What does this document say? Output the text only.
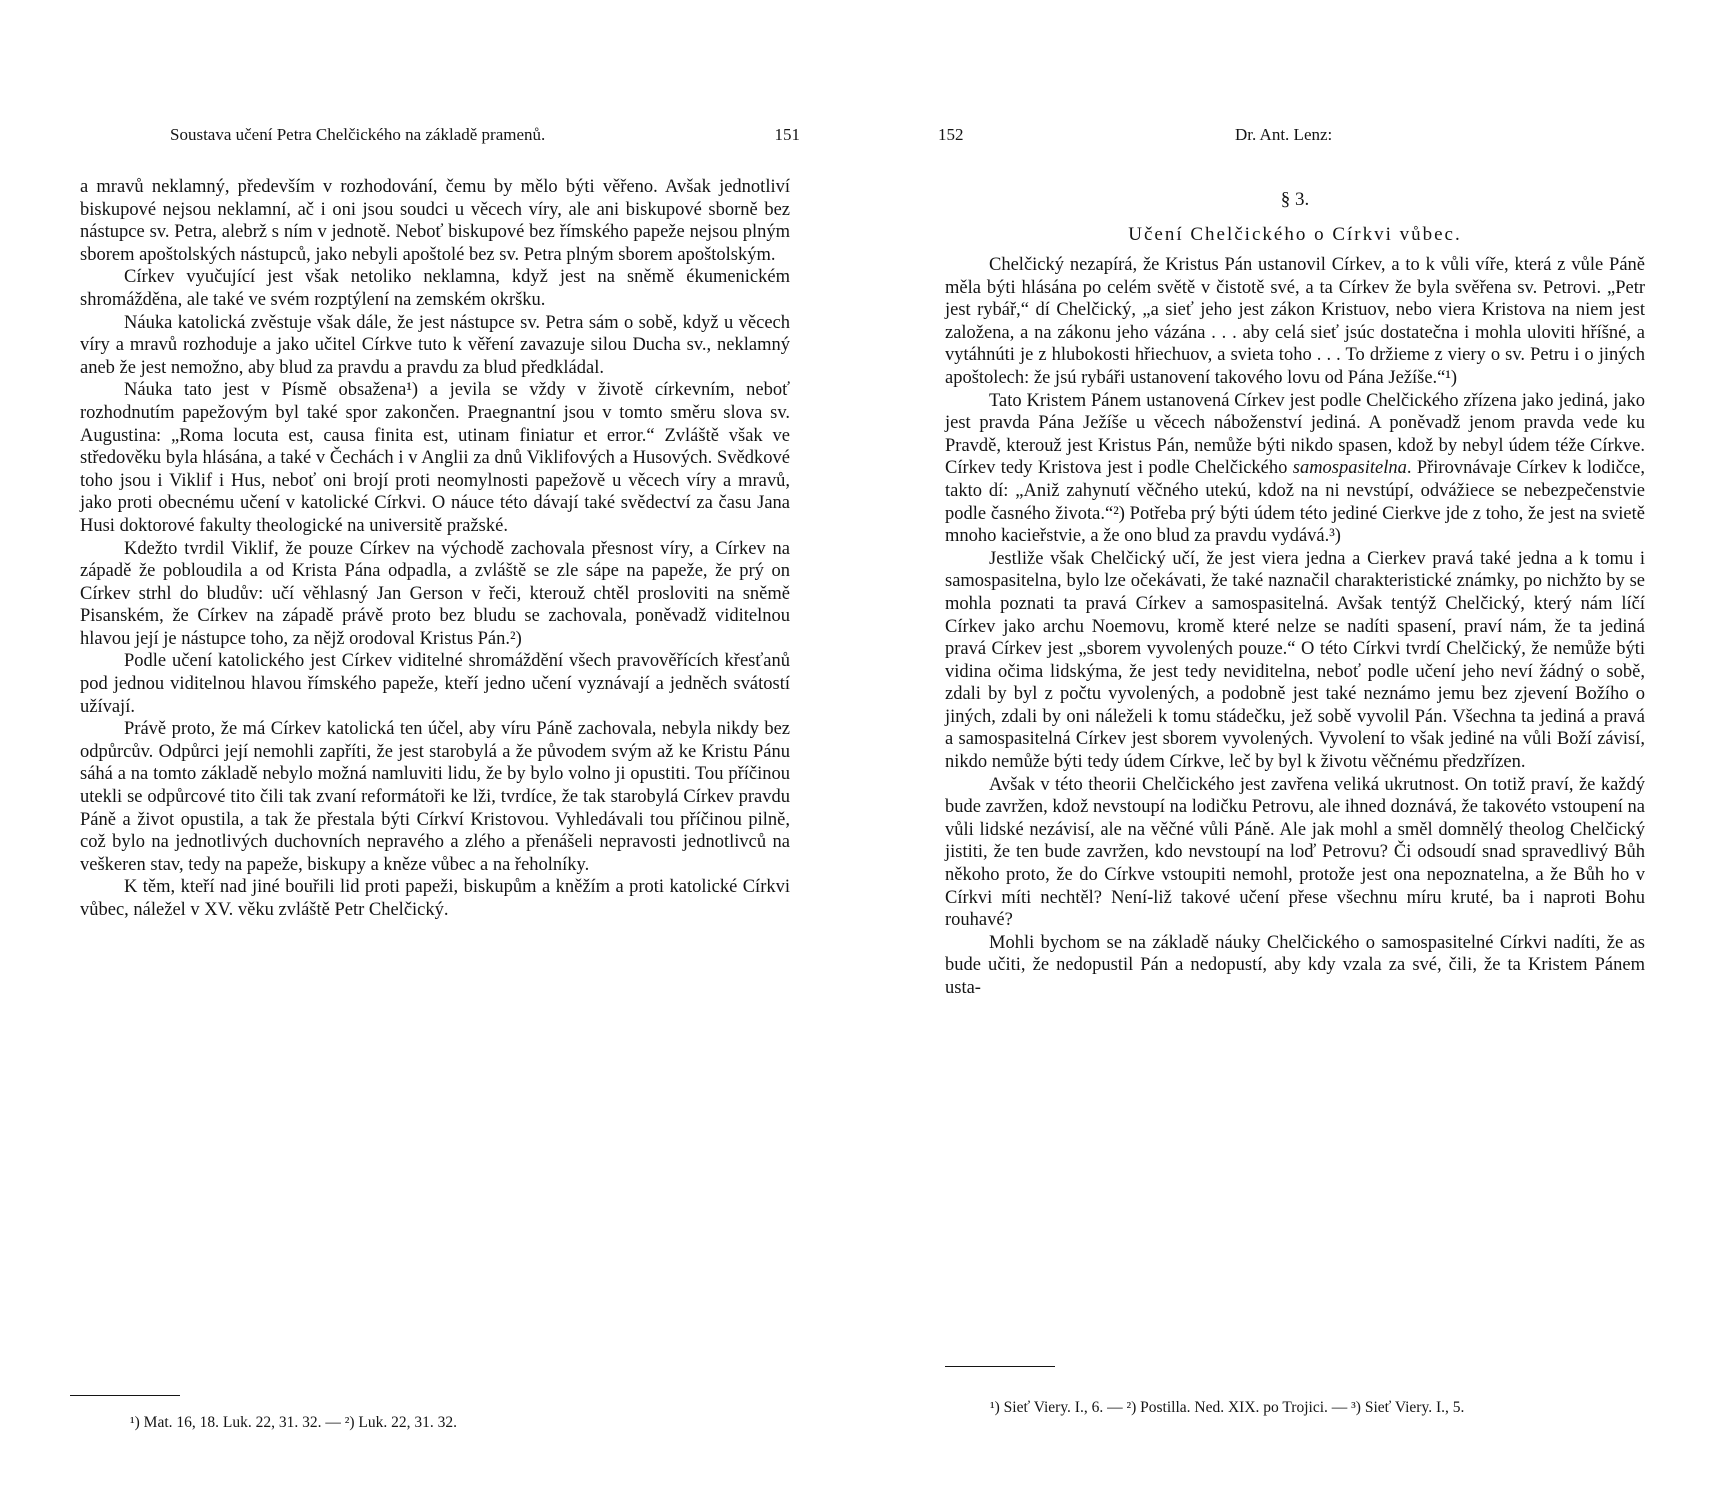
Soustava učení Petra Chelčického na základě pramenů.	151

a mravů neklamný, především v rozhodování, čemu by mělo býti věřeno. Avšak jednotliví biskupové nejsou neklamní, ač i oni jsou soudci u věcech víry, ale ani biskupové sborně bez nástupce sv. Petra, alebrž s ním v jednotě. Neboť biskupové bez římského papeže nejsou plným sborem apoštolských nástupců, jako nebyli apoštolé bez sv. Petra plným sborem apoštolským.

Církev vyučující jest však netoliko neklamna, když jest na sněmě ékumenickém shromážděna, ale také ve svém rozptýlení na zemském okršku.

Náuka katolická zvěstuje však dále, že jest nástupce sv. Petra sám o sobě, když u věcech víry a mravů rozhoduje a jako učitel Církve tuto k věření zavazuje silou Ducha sv., neklamný aneb že jest nemožno, aby blud za pravdu a pravdu za blud předkládal.

Náuka tato jest v Písmě obsažena¹) a jevila se vždy v životě církevním, neboť rozhodnutím papežovým byl také spor zakončen. Praegnantní jsou v tomto směru slova sv. Augustina: „Roma locuta est, causa finita est, utinam finiatur et error.“ Zvláště však ve středověku byla hlásána, a také v Čechách i v Anglii za dnů Viklifových a Husových. Svědkové toho jsou i Viklif i Hus, neboť oni brojí proti neomylnosti papežově u věcech víry a mravů, jako proti obecnému učení v katolické Církvi. O náuce této dávají také svědectví za času Jana Husi doktorové fakulty theologické na universitě pražské.

Kdežto tvrdil Viklif, že pouze Církev na východě zachovala přesnost víry, a Církev na západě že pobloudila a od Krista Pána odpadla, a zvláště se zle sápe na papeže, že prý on Církev strhl do bludův: učí věhlasný Jan Gerson v řeči, kterouž chtěl prosloviti na sněmě Pisanském, že Církev na západě právě proto bez bludu se zachovala, poněvadž viditelnou hlavou její je nástupce toho, za nějž orodoval Kristus Pán.²)

Podle učení katolického jest Církev viditelné shromáždění všech pravověřících křesťanů pod jednou viditelnou hlavou římského papeže, kteří jedno učení vyznávají a jedněch svátostí užívají.

Právě proto, že má Církev katolická ten účel, aby víru Páně zachovala, nebyla nikdy bez odpůrcův. Odpůrci její nemohli zapříti, že jest starobylá a že původem svým až ke Kristu Pánu sáhá a na tomto základě nebylo možná namluviti lidu, že by bylo volno ji opustiti. Tou příčinou utekli se odpůrcové tito čili tak zvaní reformátoři ke lži, tvrdíce, že tak starobylá Církev pravdu Páně a život opustila, a tak že přestala býti Církví Kristovou. Vyhledávali tou příčinou pilně, což bylo na jednotlivých duchovních nepravého a zlého a přenášeli nepravosti jednotlivců na veškeren stav, tedy na papeže, biskupy a kněze vůbec a na řeholníky.

K těm, kteří nad jiné bouřili lid proti papeži, biskupům a kněžím a proti katolické Církvi vůbec, náležel v XV. věku zvláště Petr Chelčický.

¹) Mat. 16, 18. Luk. 22, 31. 32. — ²) Luk. 22, 31. 32.
152	Dr. Ant. Lenz:
§ 3.
Učení Chelčického o Církvi vůbec.

Chelčický nezapírá, že Kristus Pán ustanovil Církev, a to k vůli víře, která z vůle Páně měla býti hlásána po celém světě v čistotě své, a ta Církev že byla svěřena sv. Petrovi. „Petr jest rybář,“ dí Chelčický, „a sieť jeho jest zákon Kristuov, nebo viera Kristova na niem jest založena, a na zákonu jeho vázána . . . aby celá sieť jsúc dostatečna i mohla uloviti hříšné, a vytáhnúti je z hlubokosti hřiechuov, a svieta toho . . . To držieme z viery o sv. Petru i o jiných apoštolech: že jsú rybáři ustanovení takového lovu od Pána Ježíše.“¹)

Tato Kristem Pánem ustanovená Církev jest podle Chelčického zřízena jako jediná, jako jest pravda Pána Ježíše u věcech náboženství jediná. A poněvadž jenom pravda vede ku Pravdě, kterouž jest Kristus Pán, nemůže býti nikdo spasen, kdož by nebyl údem téže Církve. Církev tedy Kristova jest i podle Chelčického samospasitelna. Přirovnávaje Církev k lodičce, takto dí: „Aniž zahynutí věčného utekú, kdož na ni nevstúpí, odvážiece se nebezpečenstvie podle časného života.“²) Potřeba prý býti údem této jediné Cierkve jde z toho, že jest na svietě mnoho kacieřstvie, a že ono blud za pravdu vydává.³)

Jestliže však Chelčický učí, že jest viera jedna a Cierkev pravá také jedna a k tomu i samospasitelna, bylo lze očekávati, že také naznačil charakteristické známky, po nichžto by se mohla poznati ta pravá Církev a samospasitelná. Avšak tentýž Chelčický, který nám líčí Církev jako archu Noemovu, kromě které nelze se nadíti spasení, praví nám, že ta jediná pravá Církev jest „sborem vyvolených pouze.“ O této Církvi tvrdí Chelčický, že nemůže býti vidina očima lidskýma, že jest tedy neviditelna, neboť podle učení jeho neví žádný o sobě, zdali by byl z počtu vyvolených, a podobně jest také neznámo jemu bez zjevení Božího o jiných, zdali by oni náleželi k tomu stádečku, jež sobě vyvolil Pán. Všechna ta jediná a pravá a samospasitelná Církev jest sborem vyvolených. Vyvolení to však jediné na vůli Boží závisí, nikdo nemůže býti tedy údem Církve, leč by byl k životu věčnému předzřízen.

Avšak v této theorii Chelčického jest zavřena veliká ukrutnost. On totiž praví, že každý bude zavržen, kdož nevstoupí na lodičku Petrovu, ale ihned doznává, že takovéto vstoupení na vůli lidské nezávisí, ale na věčné vůli Páně. Ale jak mohl a směl domnělý theolog Chelčický jistiti, že ten bude zavržen, kdo nevstoupí na loď Petrovu? Či odsoudí snad spravedlivý Bůh někoho proto, že do Církve vstoupiti nemohl, protože jest ona nepoznatelna, a že Bůh ho v Církvi míti nechtěl? Není-liž takové učení přese všechnu míru kruté, ba i naproti Bohu rouhavé?

Mohli bychom se na základě náuky Chelčického o samospasitelné Církvi nadíti, že as bude učiti, že nedopustil Pán a nedopustí, aby kdy vzala za své, čili, že ta Kristem Pánem usta-

¹) Sieť Viery. I., 6. — ²) Postilla. Ned. XIX. po Trojici. — ³) Sieť Viery. I., 5.
